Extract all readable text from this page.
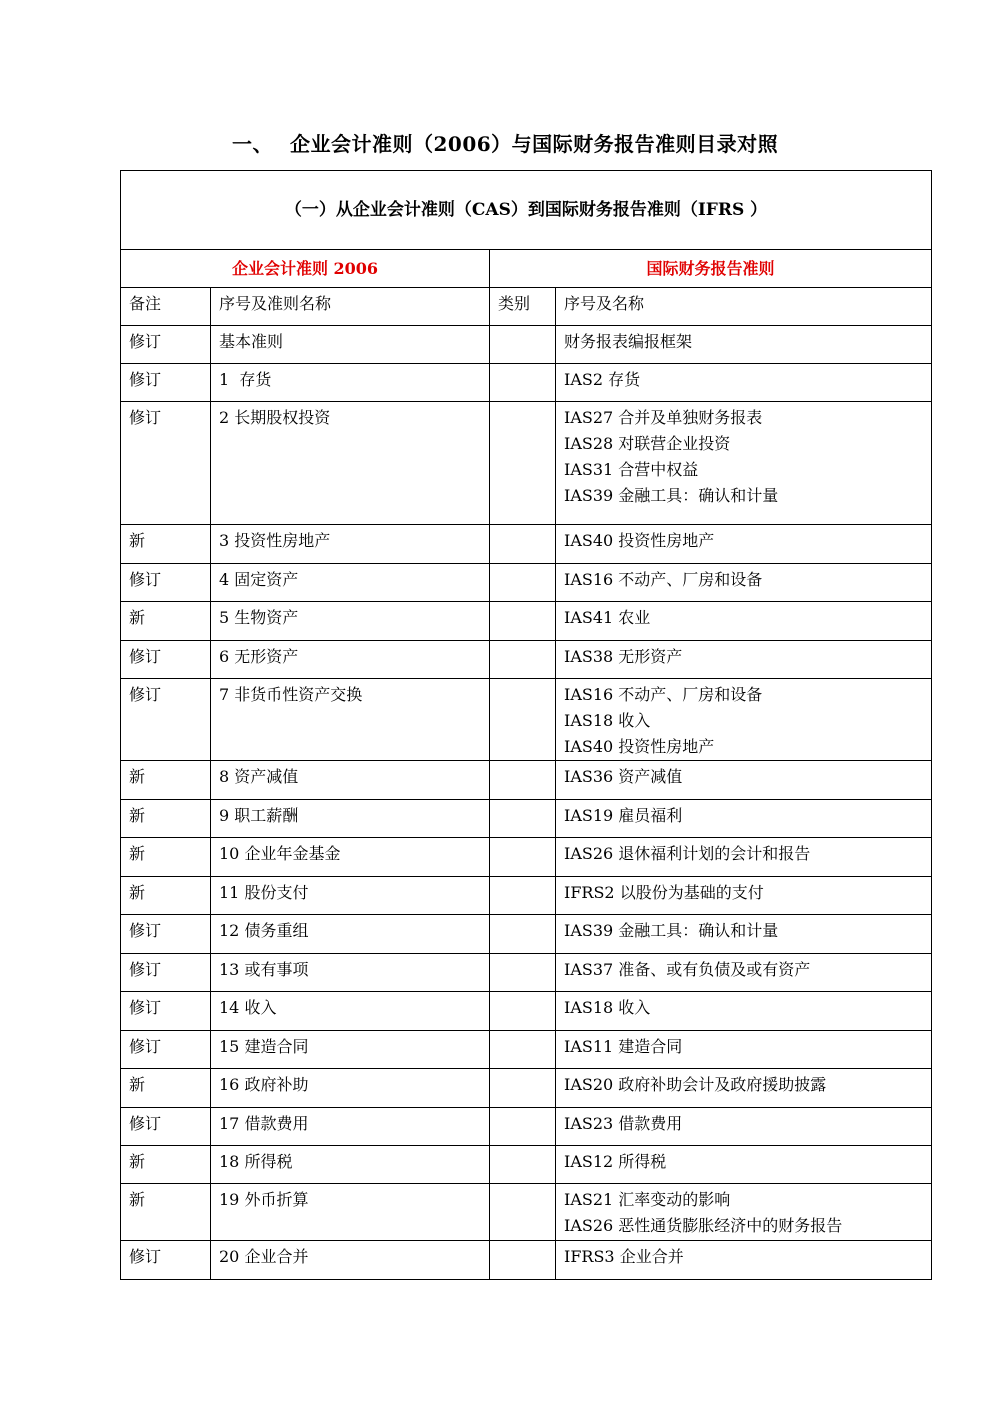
一、 企业会计准则（2006）与国际财务报告准则目录对照
（一）从企业会计准则（CAS）到国际财务报告准则（IFRS ）			
企业会计准则 2006		国际财务报告准则	

备注	序号及准则名称	类别	序号及名称

修订	基本准则		财务报表编报框架

修订	1  存货		IAS2 存货

修订	2 长期股权投资		IAS27 合并及单独财务报表
IAS28 对联营企业投资
IAS31 合营中权益
IAS39 金融工具：确认和计量

新	3 投资性房地产		IAS40 投资性房地产

修订	4 固定资产		IAS16 不动产、厂房和设备

新	5 生物资产		IAS41 农业

修订	6 无形资产		IAS38 无形资产

修订	7 非货币性资产交换		IAS16 不动产、厂房和设备
IAS18 收入
IAS40 投资性房地产

新	8 资产减值		IAS36 资产减值

新	9 职工薪酬		IAS19 雇员福利

新	10 企业年金基金		IAS26 退休福利计划的会计和报告

新	11 股份支付		IFRS2 以股份为基础的支付

修订	12 债务重组		IAS39 金融工具：确认和计量

修订	13 或有事项		IAS37 准备、或有负债及或有资产

修订	14 收入		IAS18 收入

修订	15 建造合同		IAS11 建造合同

新	16 政府补助		IAS20 政府补助会计及政府援助披露

修订	17 借款费用		IAS23 借款费用

新	18 所得税		IAS12 所得税

新	19 外币折算		IAS21 汇率变动的影响
IAS26 恶性通货膨胀经济中的财务报告

修订	20 企业合并		IFRS3 企业合并
